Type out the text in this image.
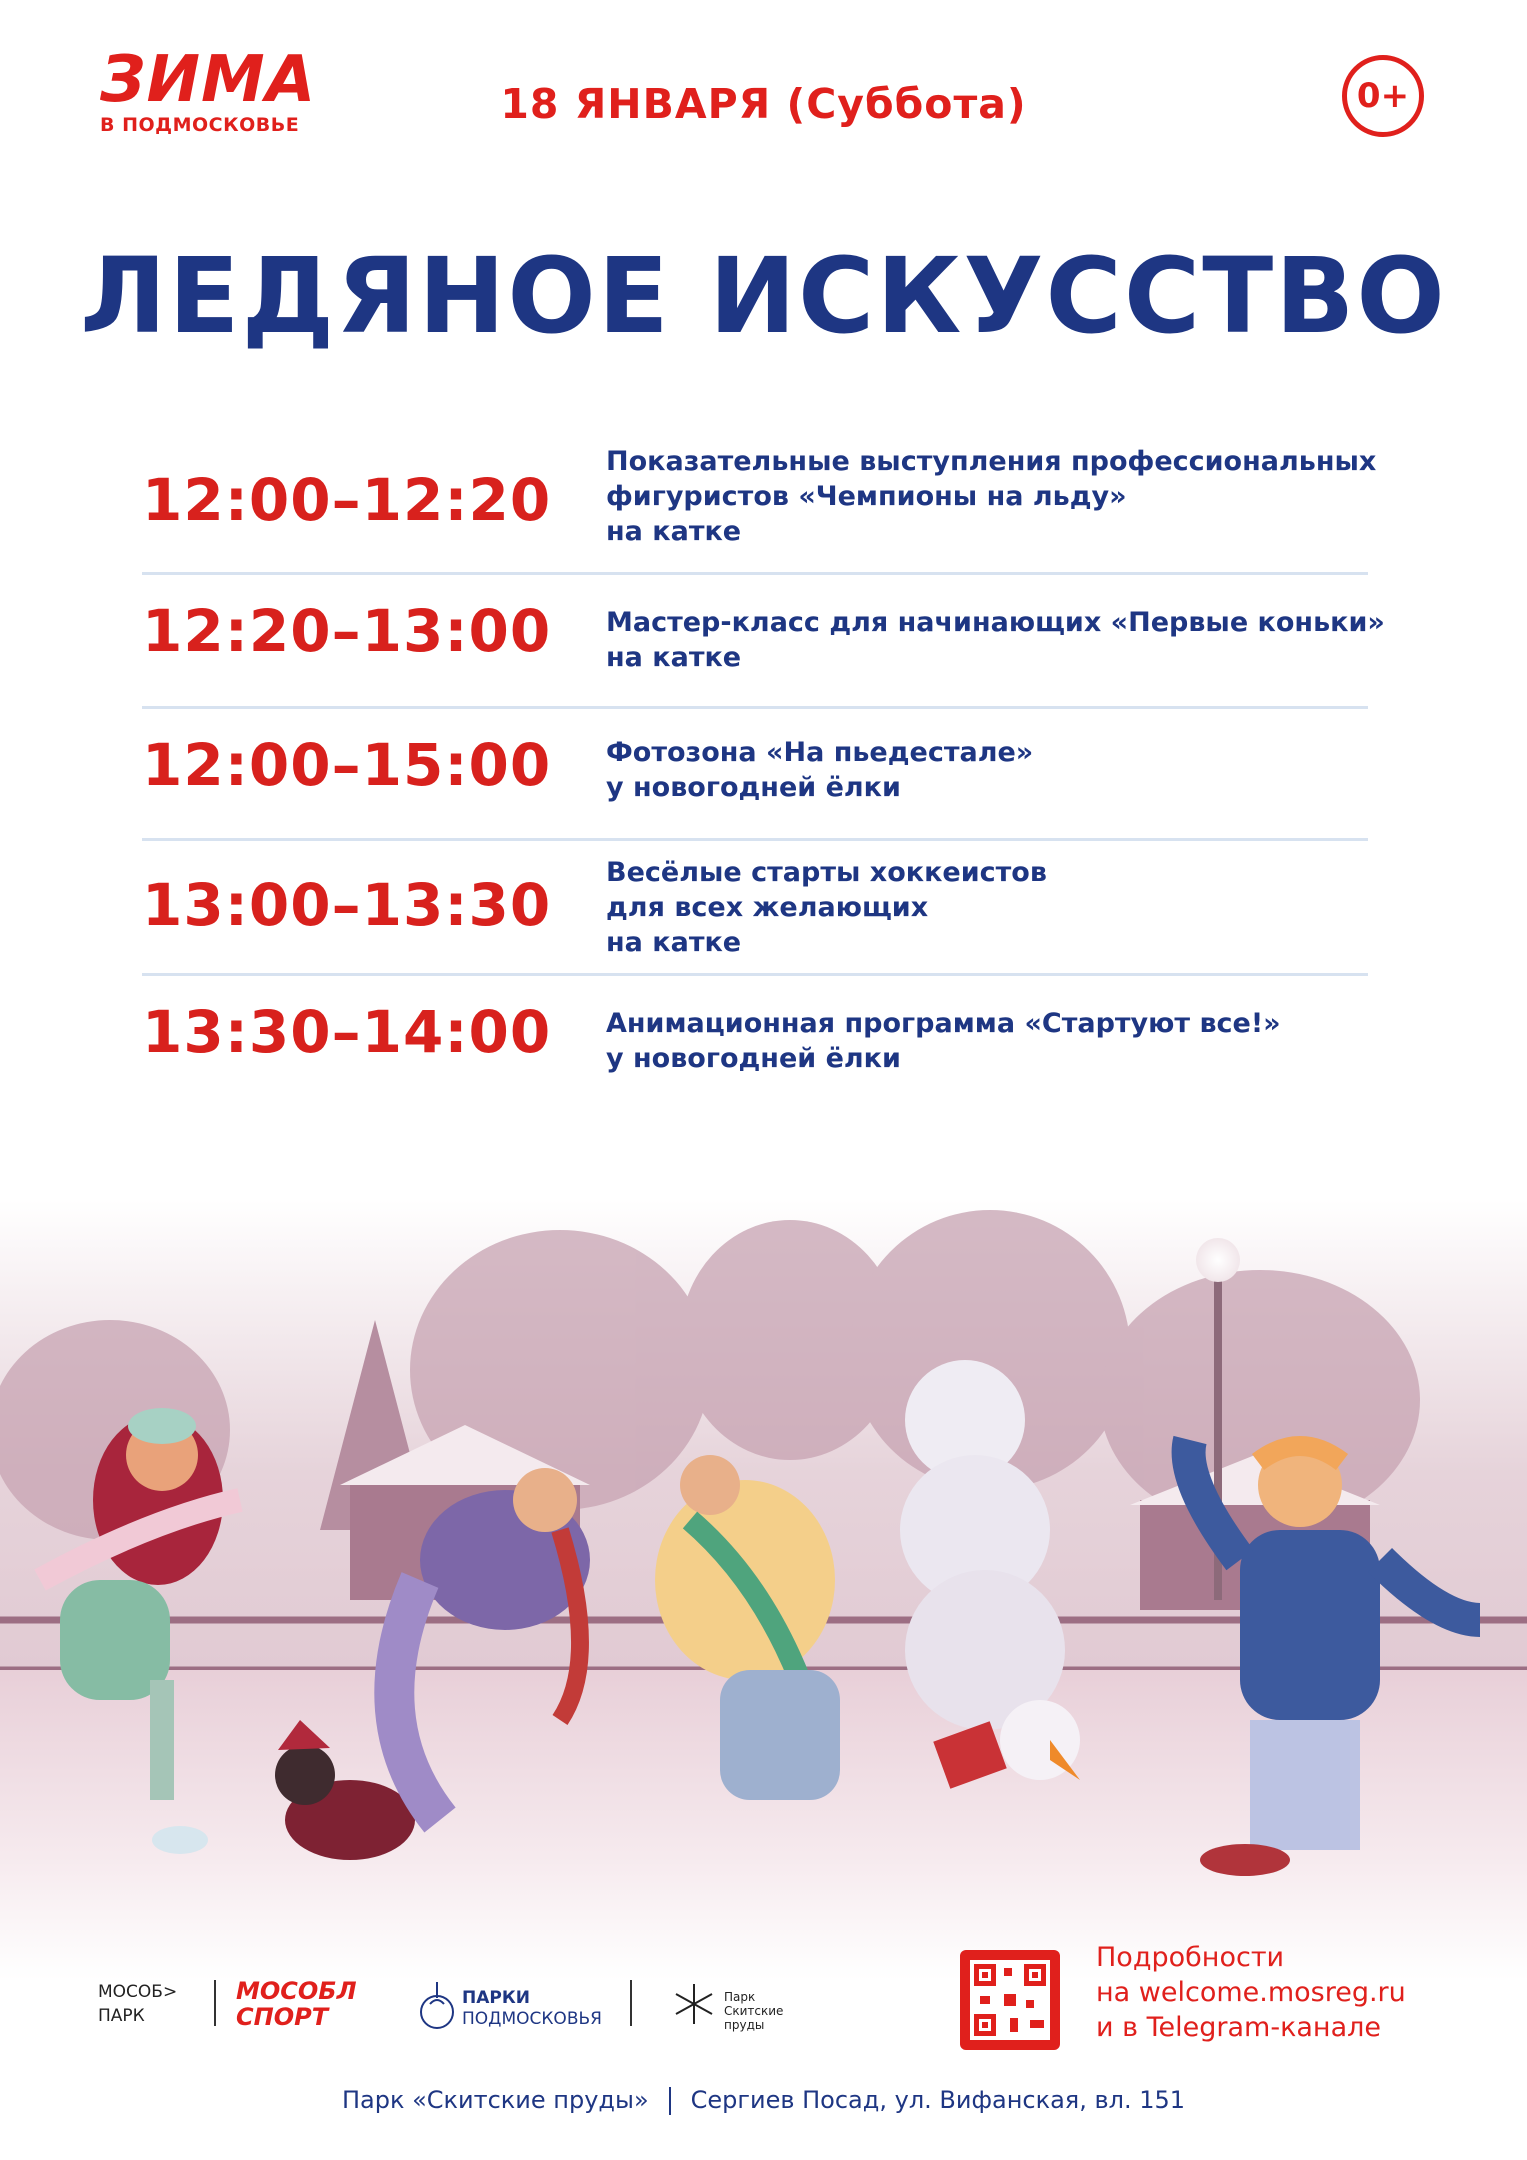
ЗИМА
В ПОДМОСКОВЬЕ	18 ЯНВАРЯ (Суббота)	0+
ЛЕДЯНОЕ ИСКУССТВО
12:00–12:20
Показательные выступления профессиональных
фигуристов «Чемпионы на льду»
на катке
12:20–13:00 Мастер-класс для начинающих «Первые коньки»
на катке
12:00–15:00 Фотозона «На пьедестале»
у новогодней ёлки
13:00–13:30 Весёлые старты хоккеистов
для всех желающих
на катке
13:30–14:00 Анимационная программа «Стартуют все!»
у новогодней ёлки
МОСОБ>
ПАРК
МОСОБЛ
СПОРТ
ПАРКИ
ПОДМОСКОВЬЯ
Парк
Скитские
пруды
Подробности
на welcome.mosreg.ru
и в Telegram-канале
Парк «Скитские пруды» Сергиев Посад, ул. Вифанская, вл. 151
